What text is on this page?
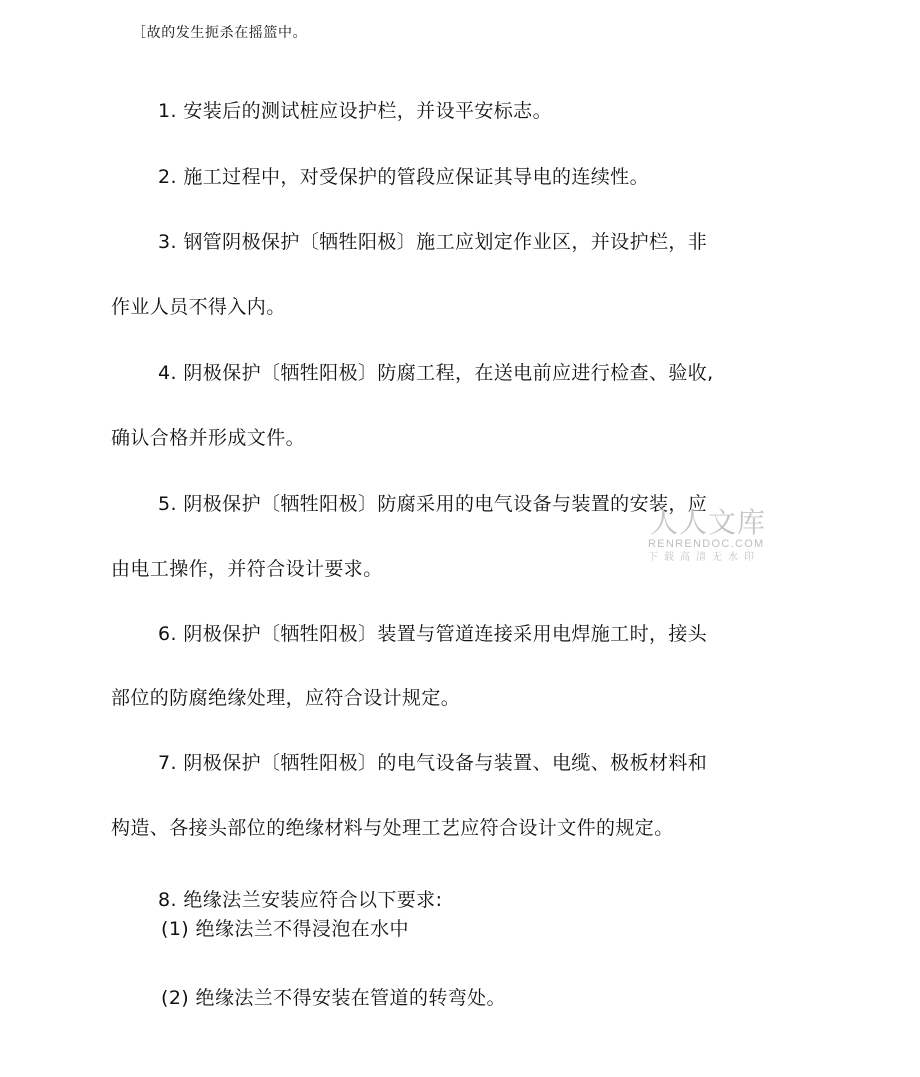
［故的发生扼杀在摇篮中。
1. 安装后的测试桩应设护栏，并设平安标志。
2. 施工过程中，对受保护的管段应保证其导电的连续性。
3. 钢管阴极保护〔牺牲阳极〕施工应划定作业区，并设护栏，非
作业人员不得入内。
4. 阴极保护〔牺牲阳极〕防腐工程，在送电前应进行检查、验收,
确认合格并形成文件。
5. 阴极保护〔牺牲阳极〕防腐采用的电气设备与装置的安装，应
由电工操作，并符合设计要求。
6. 阴极保护〔牺牲阳极〕装置与管道连接采用电焊施工时，接头
部位的防腐绝缘处理，应符合设计规定。
7. 阴极保护〔牺牲阳极〕的电气设备与装置、电缆、极板材料和
构造、各接头部位的绝缘材料与处理工艺应符合设计文件的规定。
8. 绝缘法兰安装应符合以下要求:
(1) 绝缘法兰不得浸泡在水中
(2) 绝缘法兰不得安装在管道的转弯处。
人人文库
RENRENDOC.COM
下载高清无水印
